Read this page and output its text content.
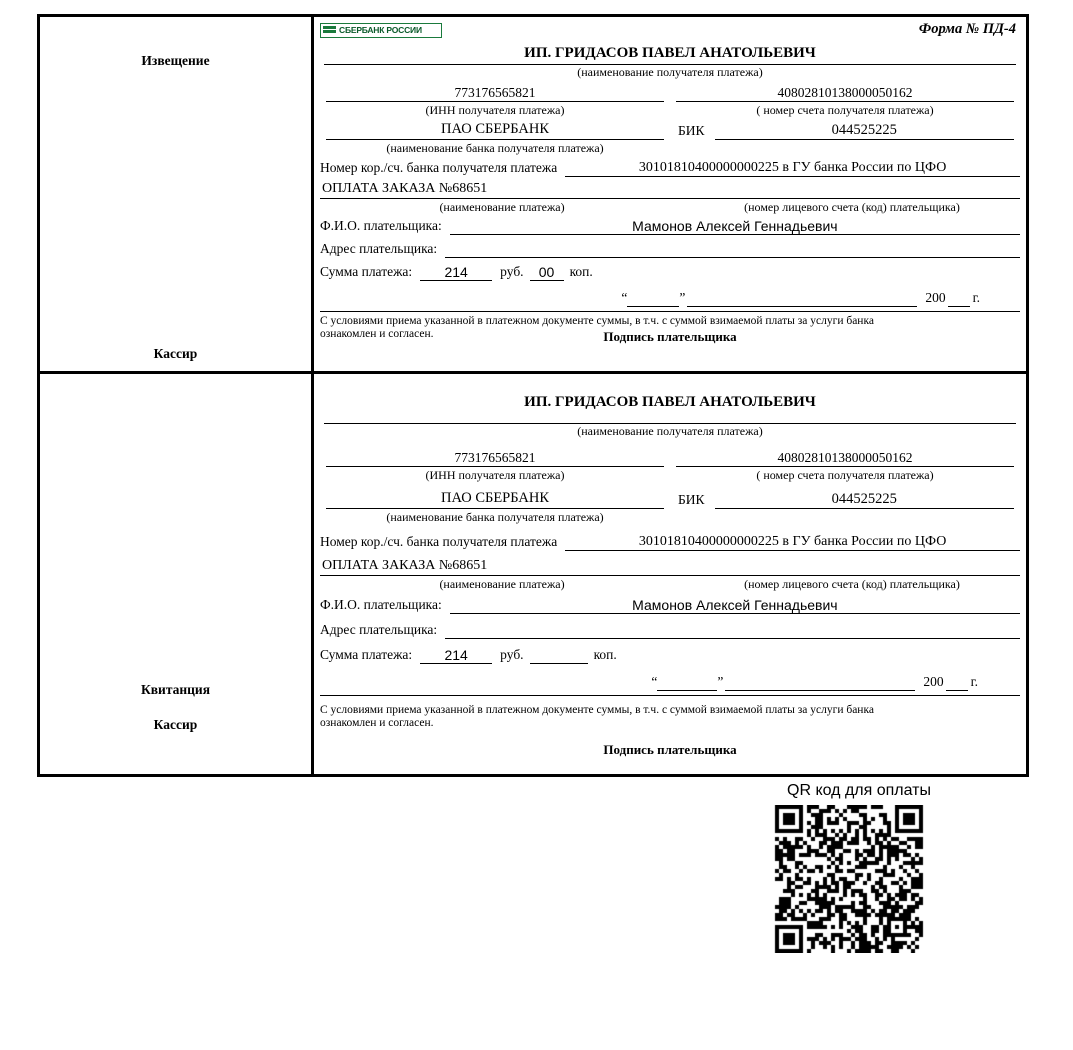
Извещение
Кассир
СБЕРБАНК РОССИИ	Форма № ПД-4
ИП. ГРИДАСОВ ПАВЕЛ АНАТОЛЬЕВИЧ
(наименование получателя платежа)
773176565821
(ИНН получателя платежа)
40802810138000050162
( номер счета получателя платежа)
ПАО СБЕРБАНК	БИК	044525225
(наименование банка получателя платежа)
Номер кор./сч. банка получателя платежа	30101810400000000225 в ГУ банка России по ЦФО
ОПЛАТА ЗАКАЗА №68651
(наименование платежа)
	(номер лицевого счета (код) плательщика)
Ф.И.О. плательщика:	Мамонов Алексей Геннадьевич
Адрес плательщика:
Сумма платежа:	214	руб.	00	коп.
“	”	200 г.
С условиями приема указанной в платежном документе суммы, в т.ч. с суммой взимаемой платы за услуги банка
ознакомлен и согласен.	Подпись плательщика
Квитанция
Кассир
ИП. ГРИДАСОВ ПАВЕЛ АНАТОЛЬЕВИЧ
(наименование получателя платежа)
773176565821
(ИНН получателя платежа)
40802810138000050162
( номер счета получателя платежа)
ПАО СБЕРБАНК	БИК	044525225
(наименование банка получателя платежа)
Номер кор./сч. банка получателя платежа	30101810400000000225 в ГУ банка России по ЦФО
ОПЛАТА ЗАКАЗА №68651
(наименование платежа)
	(номер лицевого счета (код) плательщика)
Ф.И.О. плательщика:	Мамонов Алексей Геннадьевич
Адрес плательщика:
Сумма платежа:	214	руб.	коп.
“	”	200 г.
С условиями приема указанной в платежном документе суммы, в т.ч. с суммой взимаемой платы за услуги банка
ознакомлен и согласен.
Подпись плательщика
QR код для оплаты
